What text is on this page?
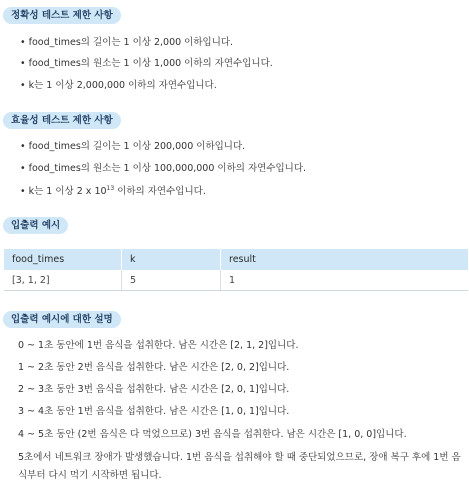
정확성 테스트 제한 사항
• food_times의 길이는 1 이상 2,000 이하입니다.
• food_times의 원소는 1 이상 1,000 이하의 자연수입니다.
• k는 1 이상 2,000,000 이하의 자연수입니다.
효율성 테스트 제한 사항
• food_times의 길이는 1 이상 200,000 이하입니다.
• food_times의 원소는 1 이상 100,000,000 이하의 자연수입니다.
• k는 1 이상 2 x $10^{13}$ 이하의 자연수입니다.
입출력 예시
food_times	k	result
[3, 1, 2]	5	1
입출력 예시에 대한 설명
0 ~ 1초 동안에 1번 음식을 섭취한다. 남은 시간은 [2, 1, 2]입니다.
1 ~ 2초 동안 2번 음식을 섭취한다. 남은 시간은 [2, 0, 2]입니다.
2 ~ 3초 동안 3번 음식을 섭취한다. 남은 시간은 [2, 0, 1]입니다.
3 ~ 4초 동안 1번 음식을 섭취한다. 남은 시간은 [1, 0, 1]입니다.
4 ~ 5초 동안 (2번 음식은 다 먹었으므로) 3번 음식을 섭취한다. 남은 시간은 [1, 0, 0]입니다.
5초에서 네트워크 장애가 발생했습니다. 1번 음식을 섭취해야 할 때 중단되었으므로, 장애 복구 후에 1번 음식부터 다시 먹기 시작하면 됩니다.
